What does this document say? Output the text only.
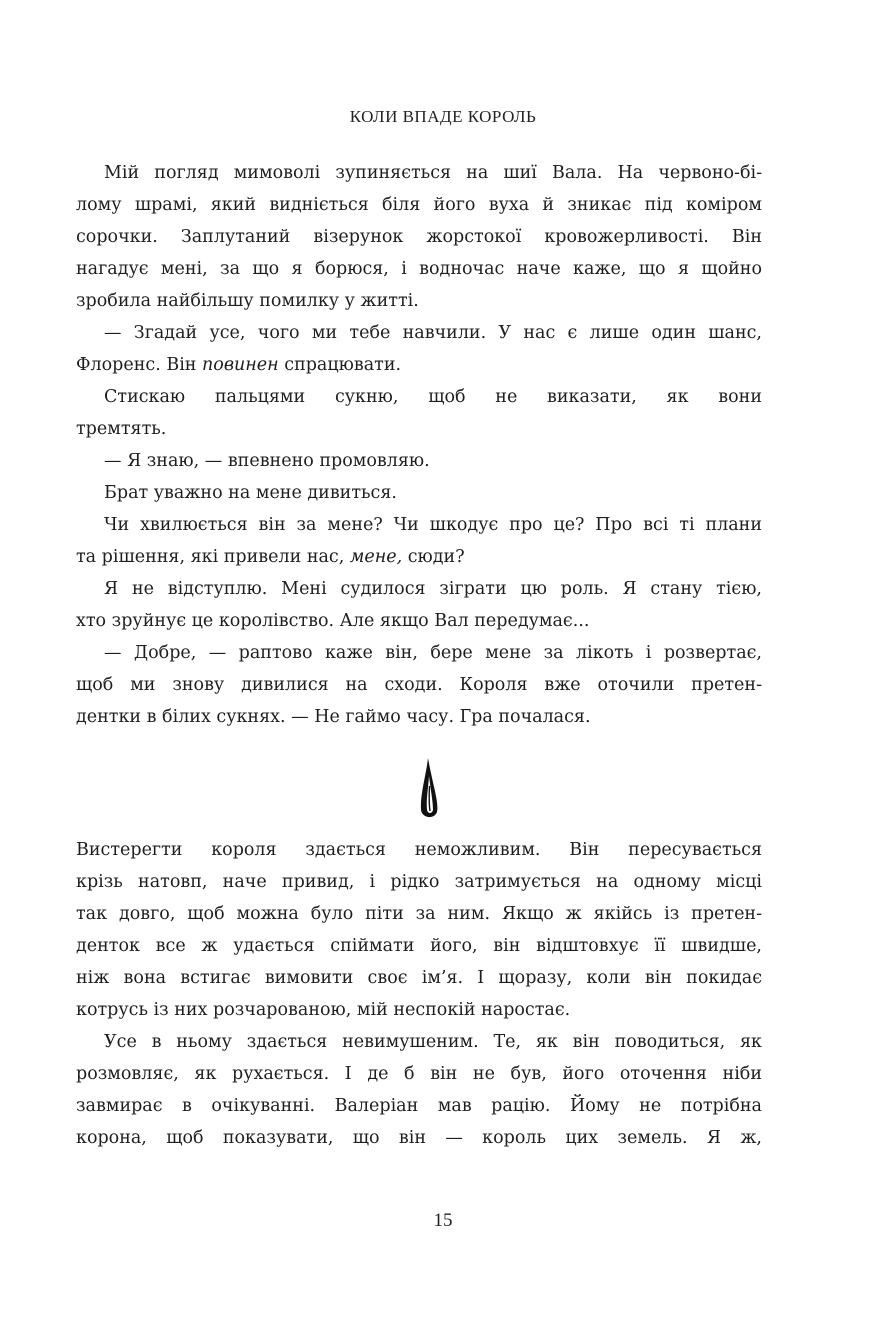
КОЛИ ВПАДЕ КОРОЛЬ
Мій погляд мимоволі зупиняється на шиї Вала. На червоно-бі-
лому шрамі, який видніється біля його вуха й зникає під коміром
сорочки. Заплутаний візерунок жорстокої кровожерливості. Він
нагадує мені, за що я борюся, і водночас наче каже, що я щойно
зробила найбільшу помилку у житті.
— Згадай усе, чого ми тебе навчили. У нас є лише один шанс,
Флоренс. Він повинен спрацювати.
Стискаю пальцями сукню, щоб не виказати, як вони
тремтять.
— Я знаю, — впевнено промовляю.
Брат уважно на мене дивиться.
Чи хвилюється він за мене? Чи шкодує про це? Про всі ті плани
та рішення, які привели нас, мене, сюди?
Я не відступлю. Мені судилося зіграти цю роль. Я стану тією,
хто зруйнує це королівство. Але якщо Вал передумає...
— Добре, — раптово каже він, бере мене за лікоть і розвертає,
щоб ми знову дивилися на сходи. Короля вже оточили претен-
дентки в білих сукнях. — Не гаймо часу. Гра почалася.
Вистерегти короля здається неможливим. Він пересувається
крізь натовп, наче привид, і рідко затримується на одному місці
так довго, щоб можна було піти за ним. Якщо ж якійсь із претен-
денток все ж удається спіймати його, він відштовхує її швидше,
ніж вона встигає вимовити своє ім’я. І щоразу, коли він покидає
котрусь із них розчарованою, мій неспокій наростає.
Усе в ньому здається невимушеним. Те, як він поводиться, як
розмовляє, як рухається. І де б він не був, його оточення ніби
завмирає в очікуванні. Валеріан мав рацію. Йому не потрібна
корона, щоб показувати, що він — король цих земель. Я ж,
15
